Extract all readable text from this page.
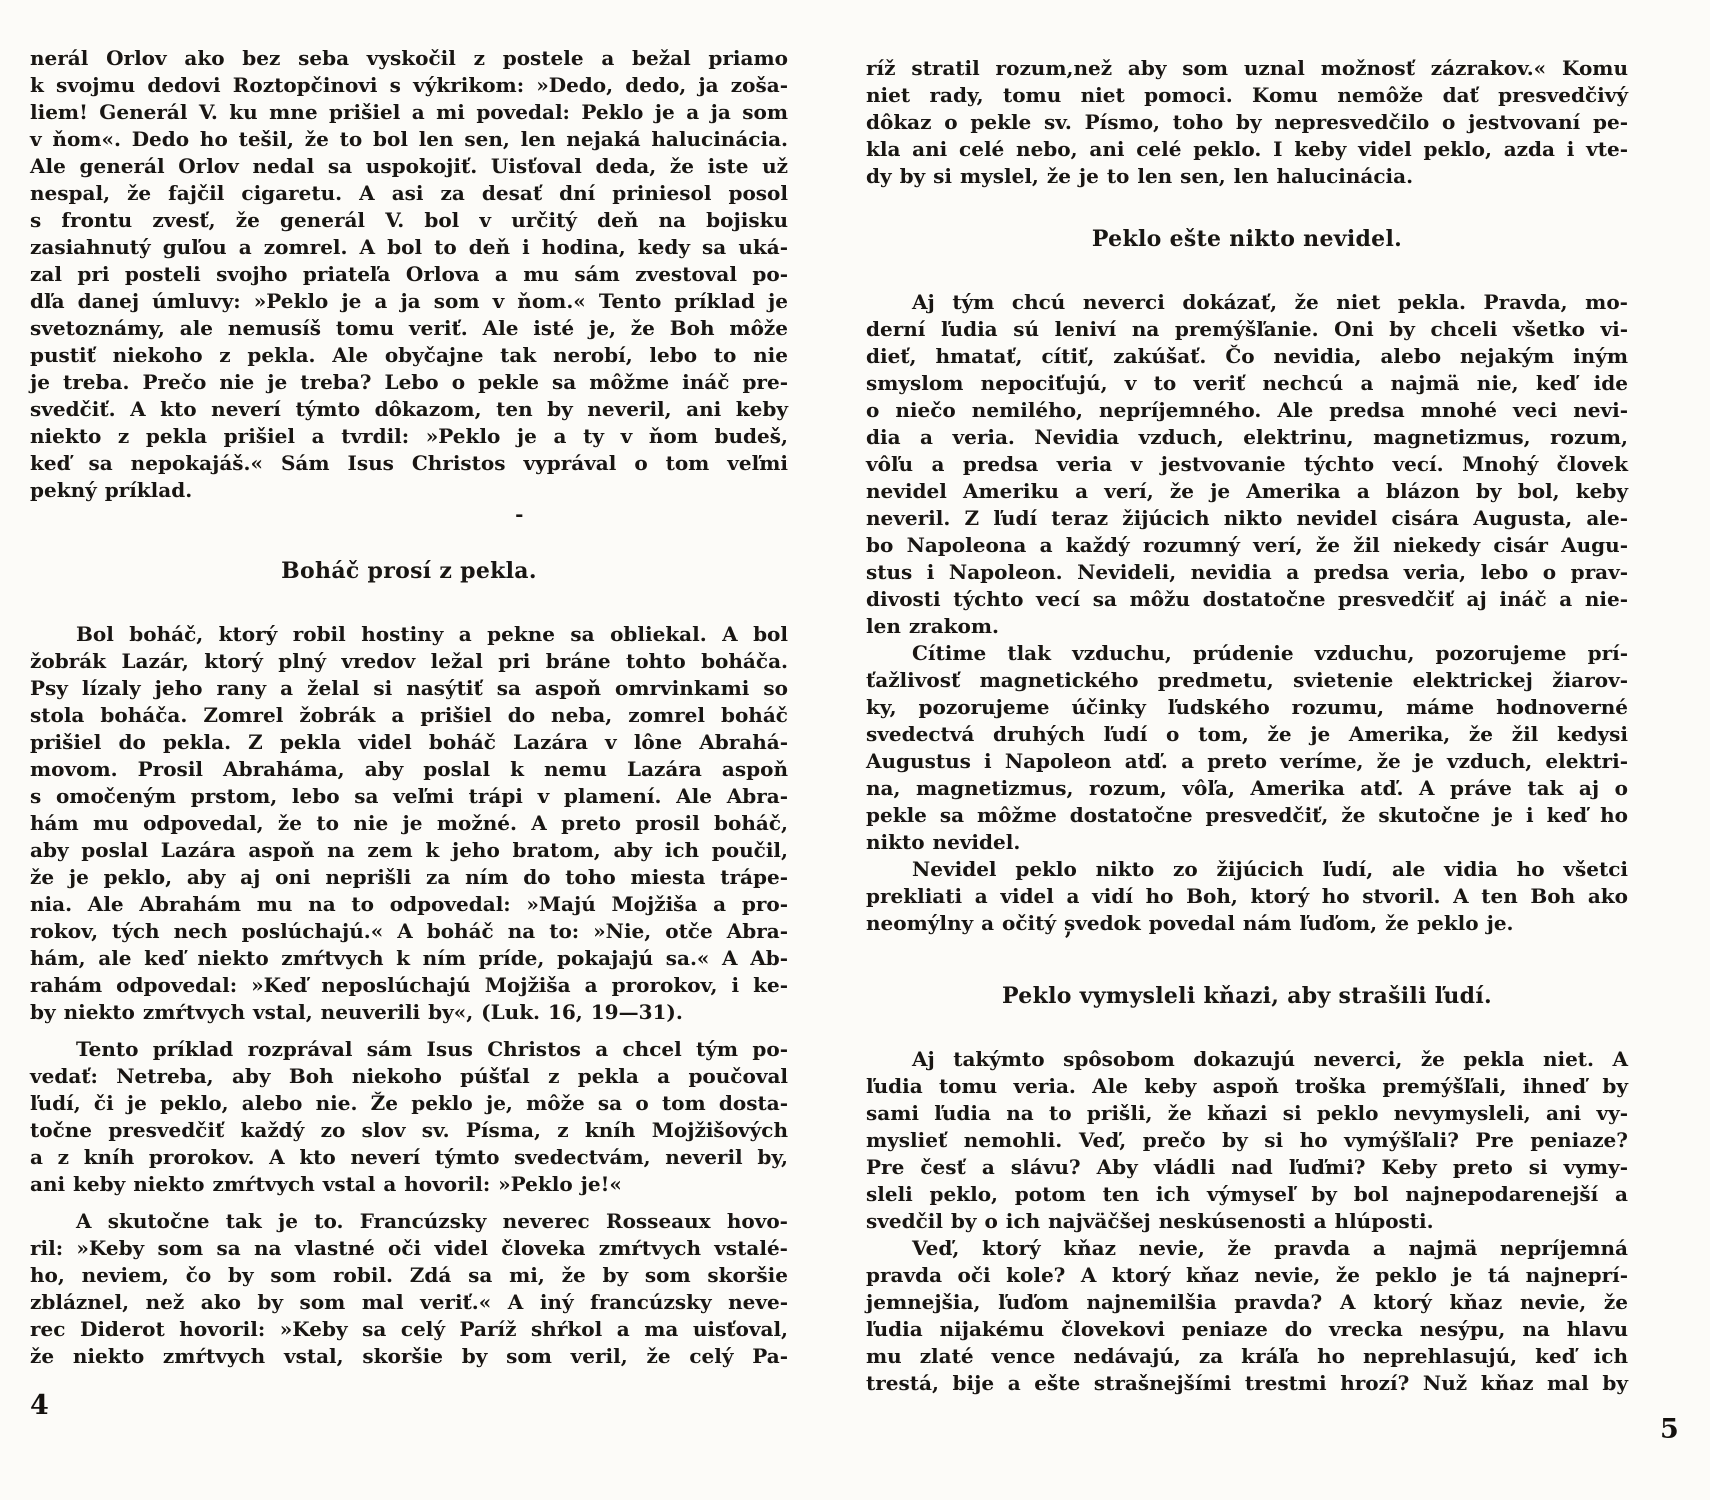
nerál Orlov ako bez seba vyskočil z postele a bežal priamo
k svojmu dedovi Roztopčinovi s výkrikom: »Dedo, dedo, ja zoša-
liem! Generál V. ku mne prišiel a mi povedal: Peklo je a ja som
v ňom«. Dedo ho tešil, že to bol len sen, len nejaká halucinácia.
Ale generál Orlov nedal sa uspokojiť. Uisťoval deda, že iste už
nespal, že fajčil cigaretu. A asi za desať dní priniesol posol
s frontu zvesť, že generál V. bol v určitý deň na bojisku
zasiahnutý guľou a zomrel. A bol to deň i hodina, kedy sa uká-
zal pri posteli svojho priateľa Orlova a mu sám zvestoval po-
dľa danej úmluvy: »Peklo je a ja som v ňom.« Tento príklad je
svetoznámy, ale nemusíš tomu veriť. Ale isté je, že Boh môže
pustiť niekoho z pekla. Ale obyčajne tak nerobí, lebo to nie
je treba. Prečo nie je treba? Lebo o pekle sa môžme ináč pre-
svedčiť. A kto neverí týmto dôkazom, ten by neveril, ani keby
niekto z pekla prišiel a tvrdil: »Peklo je a ty v ňom budeš,
keď sa nepokajáš.« Sám Isus Christos vyprával o tom veľmi
pekný príklad.
-
Boháč prosí z pekla.
Bol boháč, ktorý robil hostiny a pekne sa obliekal. A bol
žobrák Lazár, ktorý plný vredov ležal pri bráne tohto boháča.
Psy lízaly jeho rany a želal si nasýtiť sa aspoň omrvinkami so
stola boháča. Zomrel žobrák a prišiel do neba, zomrel boháč
prišiel do pekla. Z pekla videl boháč Lazára v lône Abrahá-
movom. Prosil Abraháma, aby poslal k nemu Lazára aspoň
s omočeným prstom, lebo sa veľmi trápi v plamení. Ale Abra-
hám mu odpovedal, že to nie je možné. A preto prosil boháč,
aby poslal Lazára aspoň na zem k jeho bratom, aby ich poučil,
že je peklo, aby aj oni neprišli za ním do toho miesta trápe-
nia. Ale Abrahám mu na to odpovedal: »Majú Mojžiša a pro-
rokov, tých nech poslúchajú.« A boháč na to: »Nie, otče Abra-
hám, ale keď niekto zmŕtvych k ním príde, pokajajú sa.« A Ab-
rahám odpovedal: »Keď neposlúchajú Mojžiša a prorokov, i ke-
by niekto zmŕtvych vstal, neuverili by«, (Luk. 16, 19—31).
Tento príklad rozprával sám Isus Christos a chcel tým po-
vedať: Netreba, aby Boh niekoho púšťal z pekla a poučoval
ľudí, či je peklo, alebo nie. Že peklo je, môže sa o tom dosta-
točne presvedčiť každý zo slov sv. Písma, z kníh Mojžišových
a z kníh prorokov. A kto neverí týmto svedectvám, neveril by,
ani keby niekto zmŕtvych vstal a hovoril: »Peklo je!«
A skutočne tak je to. Francúzsky neverec Rosseaux hovo-
ril: »Keby som sa na vlastné oči videl človeka zmŕtvych vstalé-
ho, neviem, čo by som robil. Zdá sa mi, že by som skoršie
zbláznel, než ako by som mal veriť.« A iný francúzsky neve-
rec Diderot hovoril: »Keby sa celý Paríž shŕkol a ma uisťoval,
že niekto zmŕtvych vstal, skoršie by som veril, že celý Pa-
ríž stratil rozum,než aby som uznal možnosť zázrakov.« Komu
niet rady, tomu niet pomoci. Komu nemôže dať presvedčivý
dôkaz o pekle sv. Písmo, toho by nepresvedčilo o jestvovaní pe-
kla ani celé nebo, ani celé peklo. I keby videl peklo, azda i vte-
dy by si myslel, že je to len sen, len halucinácia.
Peklo ešte nikto nevidel.
Aj tým chcú neverci dokázať, že niet pekla. Pravda, mo-
derní ľudia sú leniví na premýšľanie. Oni by chceli všetko vi-
dieť, hmatať, cítiť, zakúšať. Čo nevidia, alebo nejakým iným
smyslom nepociťujú, v to veriť nechcú a najmä nie, keď ide
o niečo nemilého, nepríjemného. Ale predsa mnohé veci nevi-
dia a veria. Nevidia vzduch, elektrinu, magnetizmus, rozum,
vôľu a predsa veria v jestvovanie týchto vecí. Mnohý človek
nevidel Ameriku a verí, že je Amerika a blázon by bol, keby
neveril. Z ľudí teraz žijúcich nikto nevidel cisára Augusta, ale-
bo Napoleona a každý rozumný verí, že žil niekedy cisár Augu-
stus i Napoleon. Nevideli, nevidia a predsa veria, lebo o prav-
divosti týchto vecí sa môžu dostatočne presvedčiť aj ináč a nie-
len zrakom.
Cítime tlak vzduchu, prúdenie vzduchu, pozorujeme prí-
ťažlivosť magnetického predmetu, svietenie elektrickej žiarov-
ky, pozorujeme účinky ľudského rozumu, máme hodnoverné
svedectvá druhých ľudí o tom, že je Amerika, že žil kedysi
Augustus i Napoleon atď. a preto veríme, že je vzduch, elektri-
na, magnetizmus, rozum, vôľa, Amerika atď. A práve tak aj o
pekle sa môžme dostatočne presvedčiť, že skutočne je i keď ho
nikto nevidel.
Nevidel peklo nikto zo žijúcich ľudí, ale vidia ho všetci
prekliati a videl a vidí ho Boh, ktorý ho stvoril. A ten Boh ako
neomýlny a očitý svedok povedal nám ľuďom, že peklo je.
’
Peklo vymysleli kňazi, aby strašili ľudí.
Aj takýmto spôsobom dokazujú neverci, že pekla niet. A
ľudia tomu veria. Ale keby aspoň troška premýšľali, ihneď by
sami ľudia na to prišli, že kňazi si peklo nevymysleli, ani vy-
myslieť nemohli. Veď, prečo by si ho vymýšľali? Pre peniaze?
Pre česť a slávu? Aby vládli nad ľuďmi? Keby preto si vymy-
sleli peklo, potom ten ich výmyseľ by bol najnepodarenejší a
svedčil by o ich najväčšej neskúsenosti a hlúposti.
Veď, ktorý kňaz nevie, že pravda a najmä nepríjemná
pravda oči kole? A ktorý kňaz nevie, že peklo je tá najneprí-
jemnejšia, ľuďom najnemilšia pravda? A ktorý kňaz nevie, že
ľudia nijakému človekovi peniaze do vrecka nesýpu, na hlavu
mu zlaté vence nedávajú, za kráľa ho neprehlasujú, keď ich
trestá, bije a ešte strašnejšími trestmi hrozí? Nuž kňaz mal by
4
5
